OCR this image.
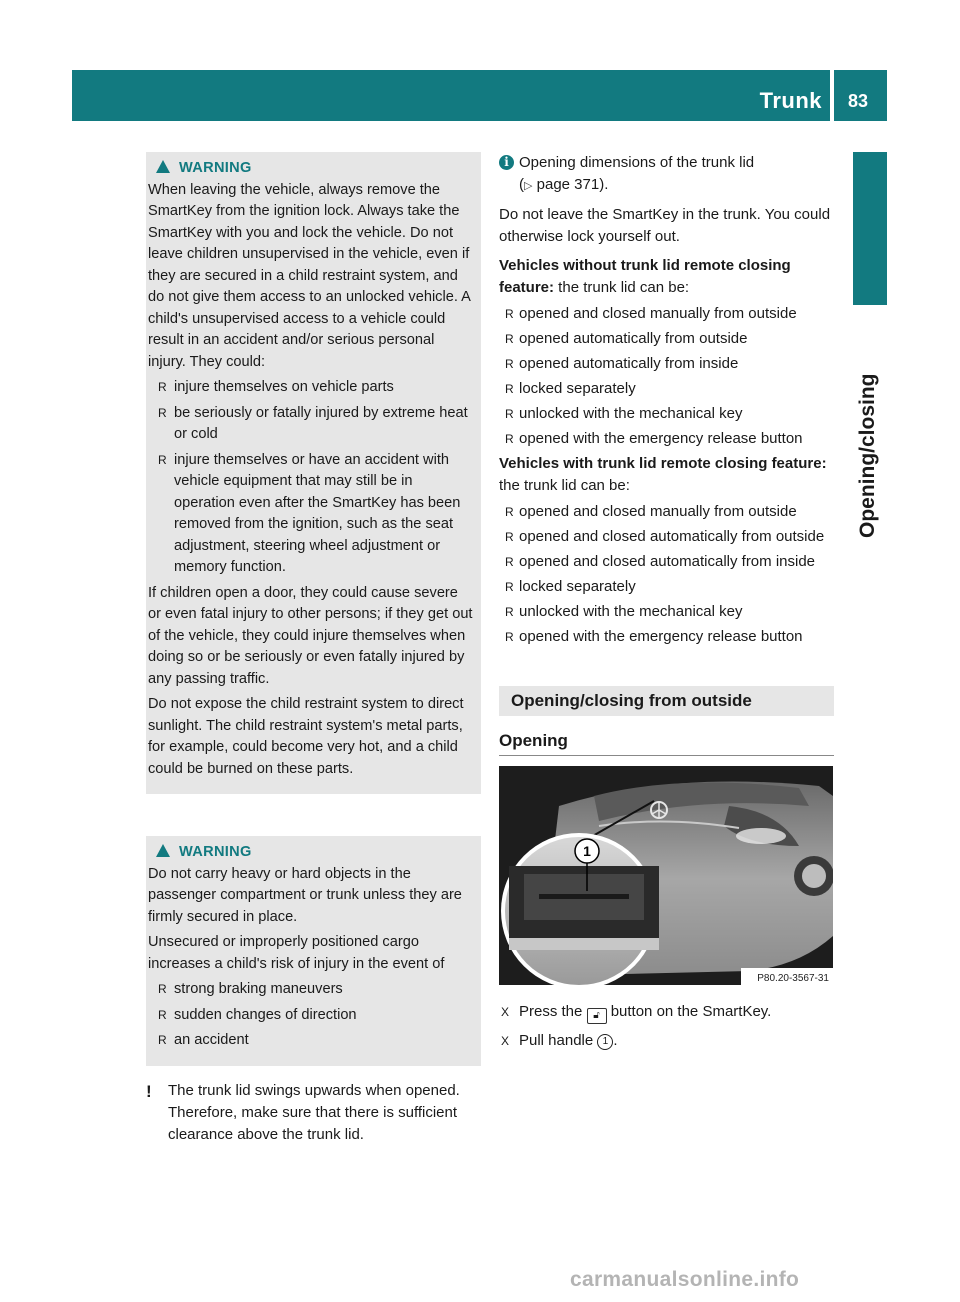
Trunk 83
Opening/closing
WARNING

When leaving the vehicle, always remove the SmartKey from the ignition lock. Always take the SmartKey with you and lock the vehicle. Do not leave children unsupervised in the vehicle, even if they are secured in a child restraint system, and do not give them access to an unlocked vehicle. A child's unsupervised access to a vehicle could result in an accident and/or serious personal injury. They could:

R injure themselves on vehicle parts
R be seriously or fatally injured by extreme heat or cold
R injure themselves or have an accident with vehicle equipment that may still be in operation even after the SmartKey has been removed from the ignition, such as the seat adjustment, steering wheel adjustment or memory function.

If children open a door, they could cause severe or even fatal injury to other persons; if they get out of the vehicle, they could injure themselves when doing so or be seriously or even fatally injured by any passing traffic.

Do not expose the child restraint system to direct sunlight. The child restraint system's metal parts, for example, could become very hot, and a child could be burned on these parts.

WARNING

Do not carry heavy or hard objects in the passenger compartment or trunk unless they are firmly secured in place.

Unsecured or improperly positioned cargo increases a child's risk of injury in the event of

R strong braking maneuvers
R sudden changes of direction
R an accident
! The trunk lid swings upwards when opened. Therefore, make sure that there is sufficient clearance above the trunk lid.
i Opening dimensions of the trunk lid
(▷ page 371).

Do not leave the SmartKey in the trunk. You could otherwise lock yourself out.

Vehicles without trunk lid remote closing feature: the trunk lid can be:

R opened and closed manually from outside
R opened automatically from outside
R opened automatically from inside
R locked separately
R unlocked with the mechanical key
R opened with the emergency release button

Vehicles with trunk lid remote closing feature: the trunk lid can be:

R opened and closed manually from outside
R opened and closed automatically from outside
R opened and closed automatically from inside
R locked separately
R unlocked with the mechanical key
R opened with the emergency release button
Opening/closing from outside
Opening
1
P80.20-3567-31
X Press the 🔓︎ button on the SmartKey.
X Pull handle 1 .
carmanualsonline.info
